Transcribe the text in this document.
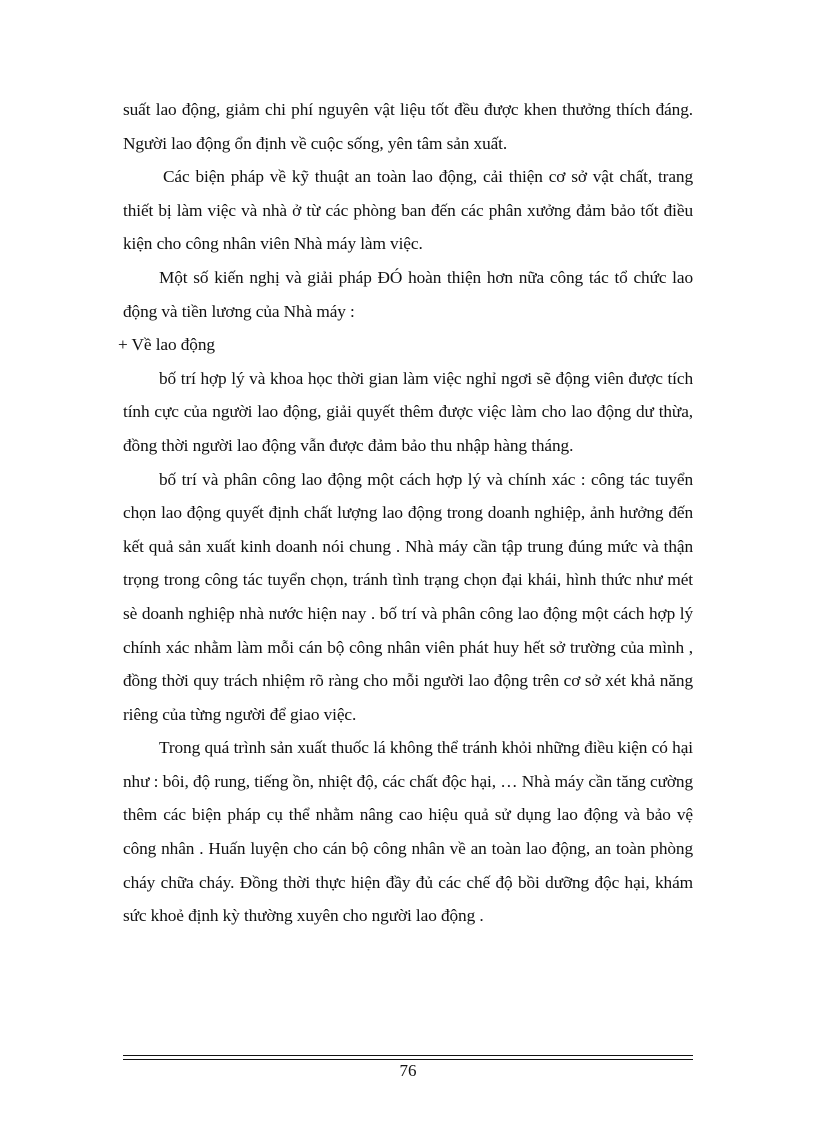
suất lao động, giảm chi phí nguyên vật liệu tốt đều được khen thưởng thích đáng. Người lao động ổn định về cuộc sống, yên tâm sản xuất.

Các biện pháp về kỹ thuật an toàn lao động, cải thiện cơ sở vật chất, trang thiết bị làm việc và nhà ở từ các phòng ban đến các phân xưởng đảm bảo tốt điều kiện cho công nhân viên Nhà máy làm việc.

Một số kiến nghị và giải pháp ĐÓ hoàn thiện hơn nữa công tác tổ chức lao động và tiền lương của Nhà máy :

+ Về lao động

bố trí hợp lý và khoa học thời gian làm việc nghỉ ngơi sẽ động viên được tích tính cực của người lao động, giải quyết thêm được việc làm cho lao động dư thừa, đồng thời người lao động vẫn được đảm bảo thu nhập hàng tháng.

bố trí và phân công lao động một cách hợp lý và chính xác : công tác tuyển chọn lao động quyết định chất lượng lao động trong doanh nghiệp, ảnh hưởng đến kết quả sản xuất kinh doanh nói chung . Nhà máy cần tập trung đúng mức và thận trọng trong công tác tuyển chọn, tránh tình trạng chọn đại khái, hình thức như mét sè doanh nghiệp nhà nước hiện nay . bố trí và phân công lao động một cách hợp lý chính xác nhằm làm mỗi cán bộ công nhân viên phát huy hết sở trường của mình , đồng thời quy trách nhiệm rõ ràng cho mỗi người lao động trên cơ sở xét khả năng riêng của từng người để giao việc.

Trong quá trình sản xuất thuốc lá không thể tránh khỏi những điều kiện có hại như : bôi, độ rung, tiếng ồn, nhiệt độ, các chất độc hại, … Nhà máy cần tăng cường thêm các biện pháp cụ thể nhằm nâng cao hiệu quả sử dụng lao động và bảo vệ công nhân . Huấn luyện cho cán bộ công nhân về an toàn lao động, an toàn phòng cháy chữa cháy. Đồng thời thực hiện đầy đủ các chế độ bồi dưỡng độc hại, khám sức khoẻ định kỳ thường xuyên cho người lao động .

76
